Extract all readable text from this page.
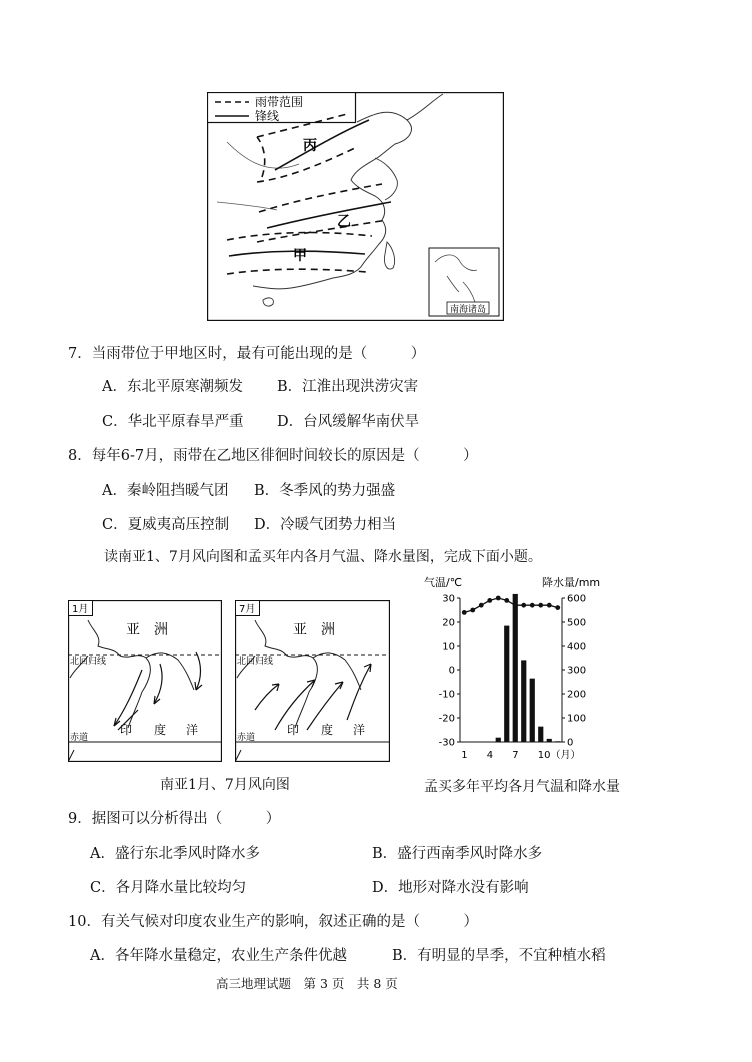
雨带范围
锋线
丙
乙
甲
南海诸岛
7．当雨带位于甲地区时，最有可能出现的是（　　　）
A．东北平原寒潮频发 B．江淮出现洪涝灾害
C．华北平原春旱严重 D．台风缓解华南伏旱
8．每年6-7月，雨带在乙地区徘徊时间较长的原因是（　　　）
A．秦岭阻挡暖气团 B．冬季风的势力强盛
C．夏威夷高压控制 D．冷暖气团势力相当
读南亚1、7月风向图和孟买年内各月气温、降水量图，完成下面小题。
1月
亚　洲
北回归线
赤道
印 度 洋
7月
亚　洲
北回归线
赤道
印 度 洋
南亚1月、7月风向图
气温/℃	降水量/mm
30
20
10
0
-10
-20
-30
600
500
400
300
200
100
0
1 4 7 10（月）
孟买多年平均各月气温和降水量
9．据图可以分析得出（　　　）
A．盛行东北季风时降水多	B．盛行西南季风时降水多
C．各月降水量比较均匀	D．地形对降水没有影响
10．有关气候对印度农业生产的影响，叙述正确的是（　　　）
A．各年降水量稳定，农业生产条件优越	B．有明显的旱季，不宜种植水稻
高三地理试题　第 3 页　共 8 页
